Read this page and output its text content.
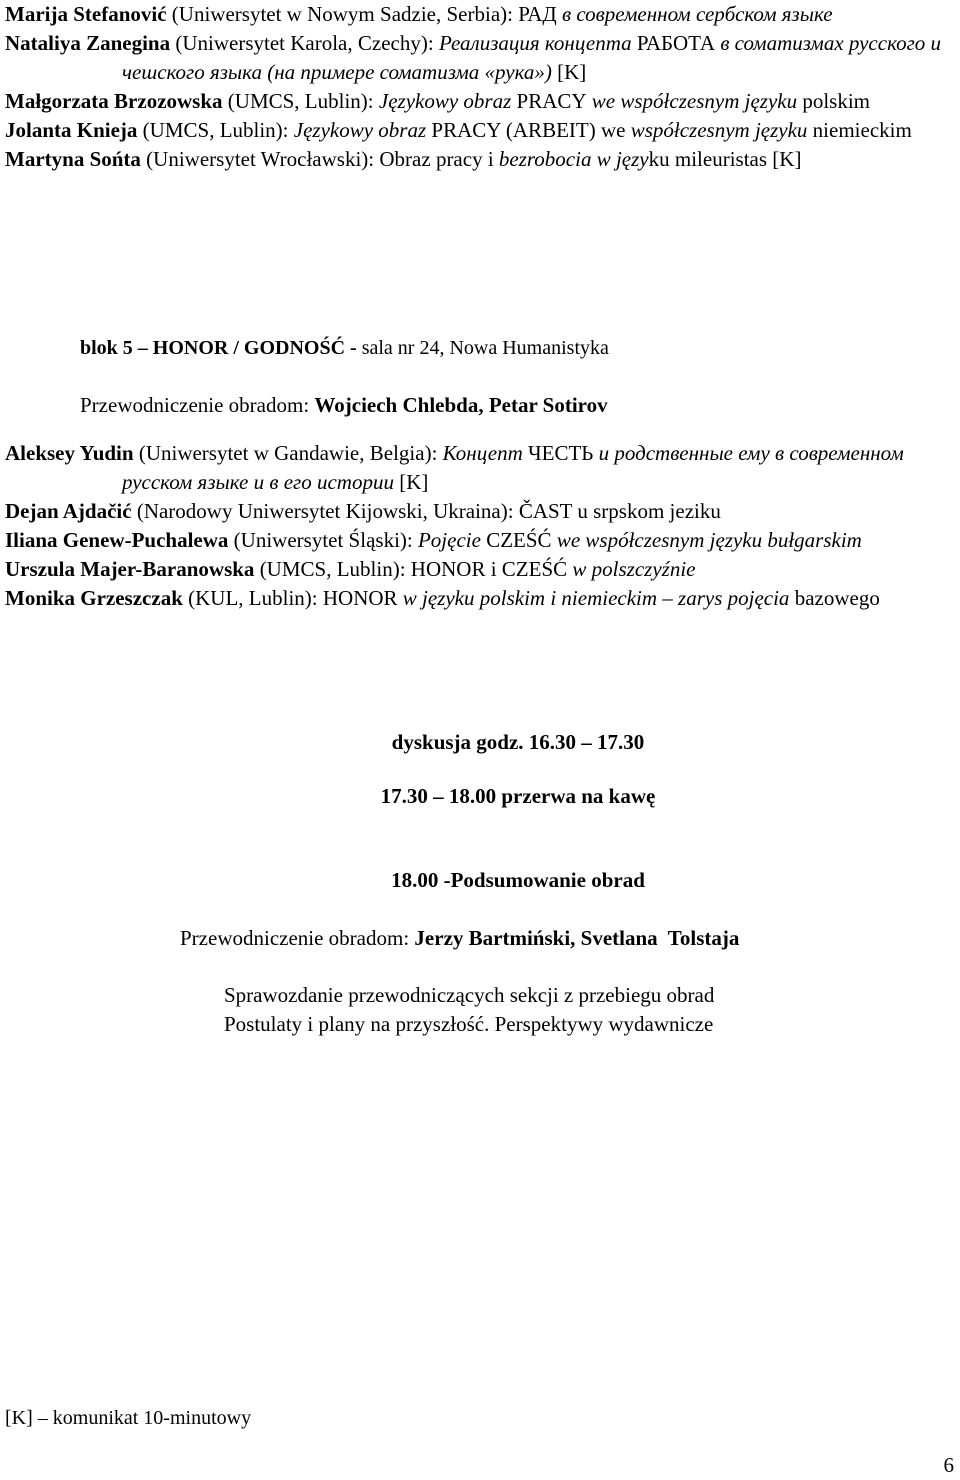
Marija Stefanović (Uniwersytet w Nowym Sadzie, Serbia): РАД в современном сербском языке

Nataliya Zanegina (Uniwersytet Karola, Czechy): Реализация концепта РАБОТА в соматизмах русского и чешского языка (на примере соматизма «рука») [K]

Małgorzata Brzozowska (UMCS, Lublin): Językowy obraz PRACY we współczesnym języku polskim

Jolanta Knieja (UMCS, Lublin): Językowy obraz PRACY (ARBEIT) we współczesnym języku niemieckim

Martyna Sońta (Uniwersytet Wrocławski): Obraz pracy i bezrobocia w języku mileuristas [K]

blok 5 – HONOR / GODNOŚĆ - sala nr 24, Nowa Humanistyka
Przewodniczenie obradom: Wojciech Chlebda, Petar Sotirov

Aleksey Yudin (Uniwersytet w Gandawie, Belgia): Концепт ЧЕСТЬ и родственные ему в современном русском языке и в его истории [K]

Dejan Ajdačić (Narodowy Uniwersytet Kijowski, Ukraina): ČAST u srpskom jeziku

Iliana Genew-Puchalewa (Uniwersytet Śląski): Pojęcie CZEŚĆ we współczesnym języku bułgarskim

Urszula Majer-Baranowska (UMCS, Lublin): HONOR i CZEŚĆ w polszczyźnie

Monika Grzeszczak (KUL, Lublin): HONOR w języku polskim i niemieckim – zarys pojęcia bazowego

dyskusja godz. 16.30 – 17.30
17.30 – 18.00 przerwa na kawę
18.00 -Podsumowanie obrad
Przewodniczenie obradom: Jerzy Bartmiński, Svetlana  Tolstaja
Sprawozdanie przewodniczących sekcji z przebiegu obrad
Postulaty i plany na przyszłość. Perspektywy wydawnicze
[K] – komunikat 10-minutowy
6
